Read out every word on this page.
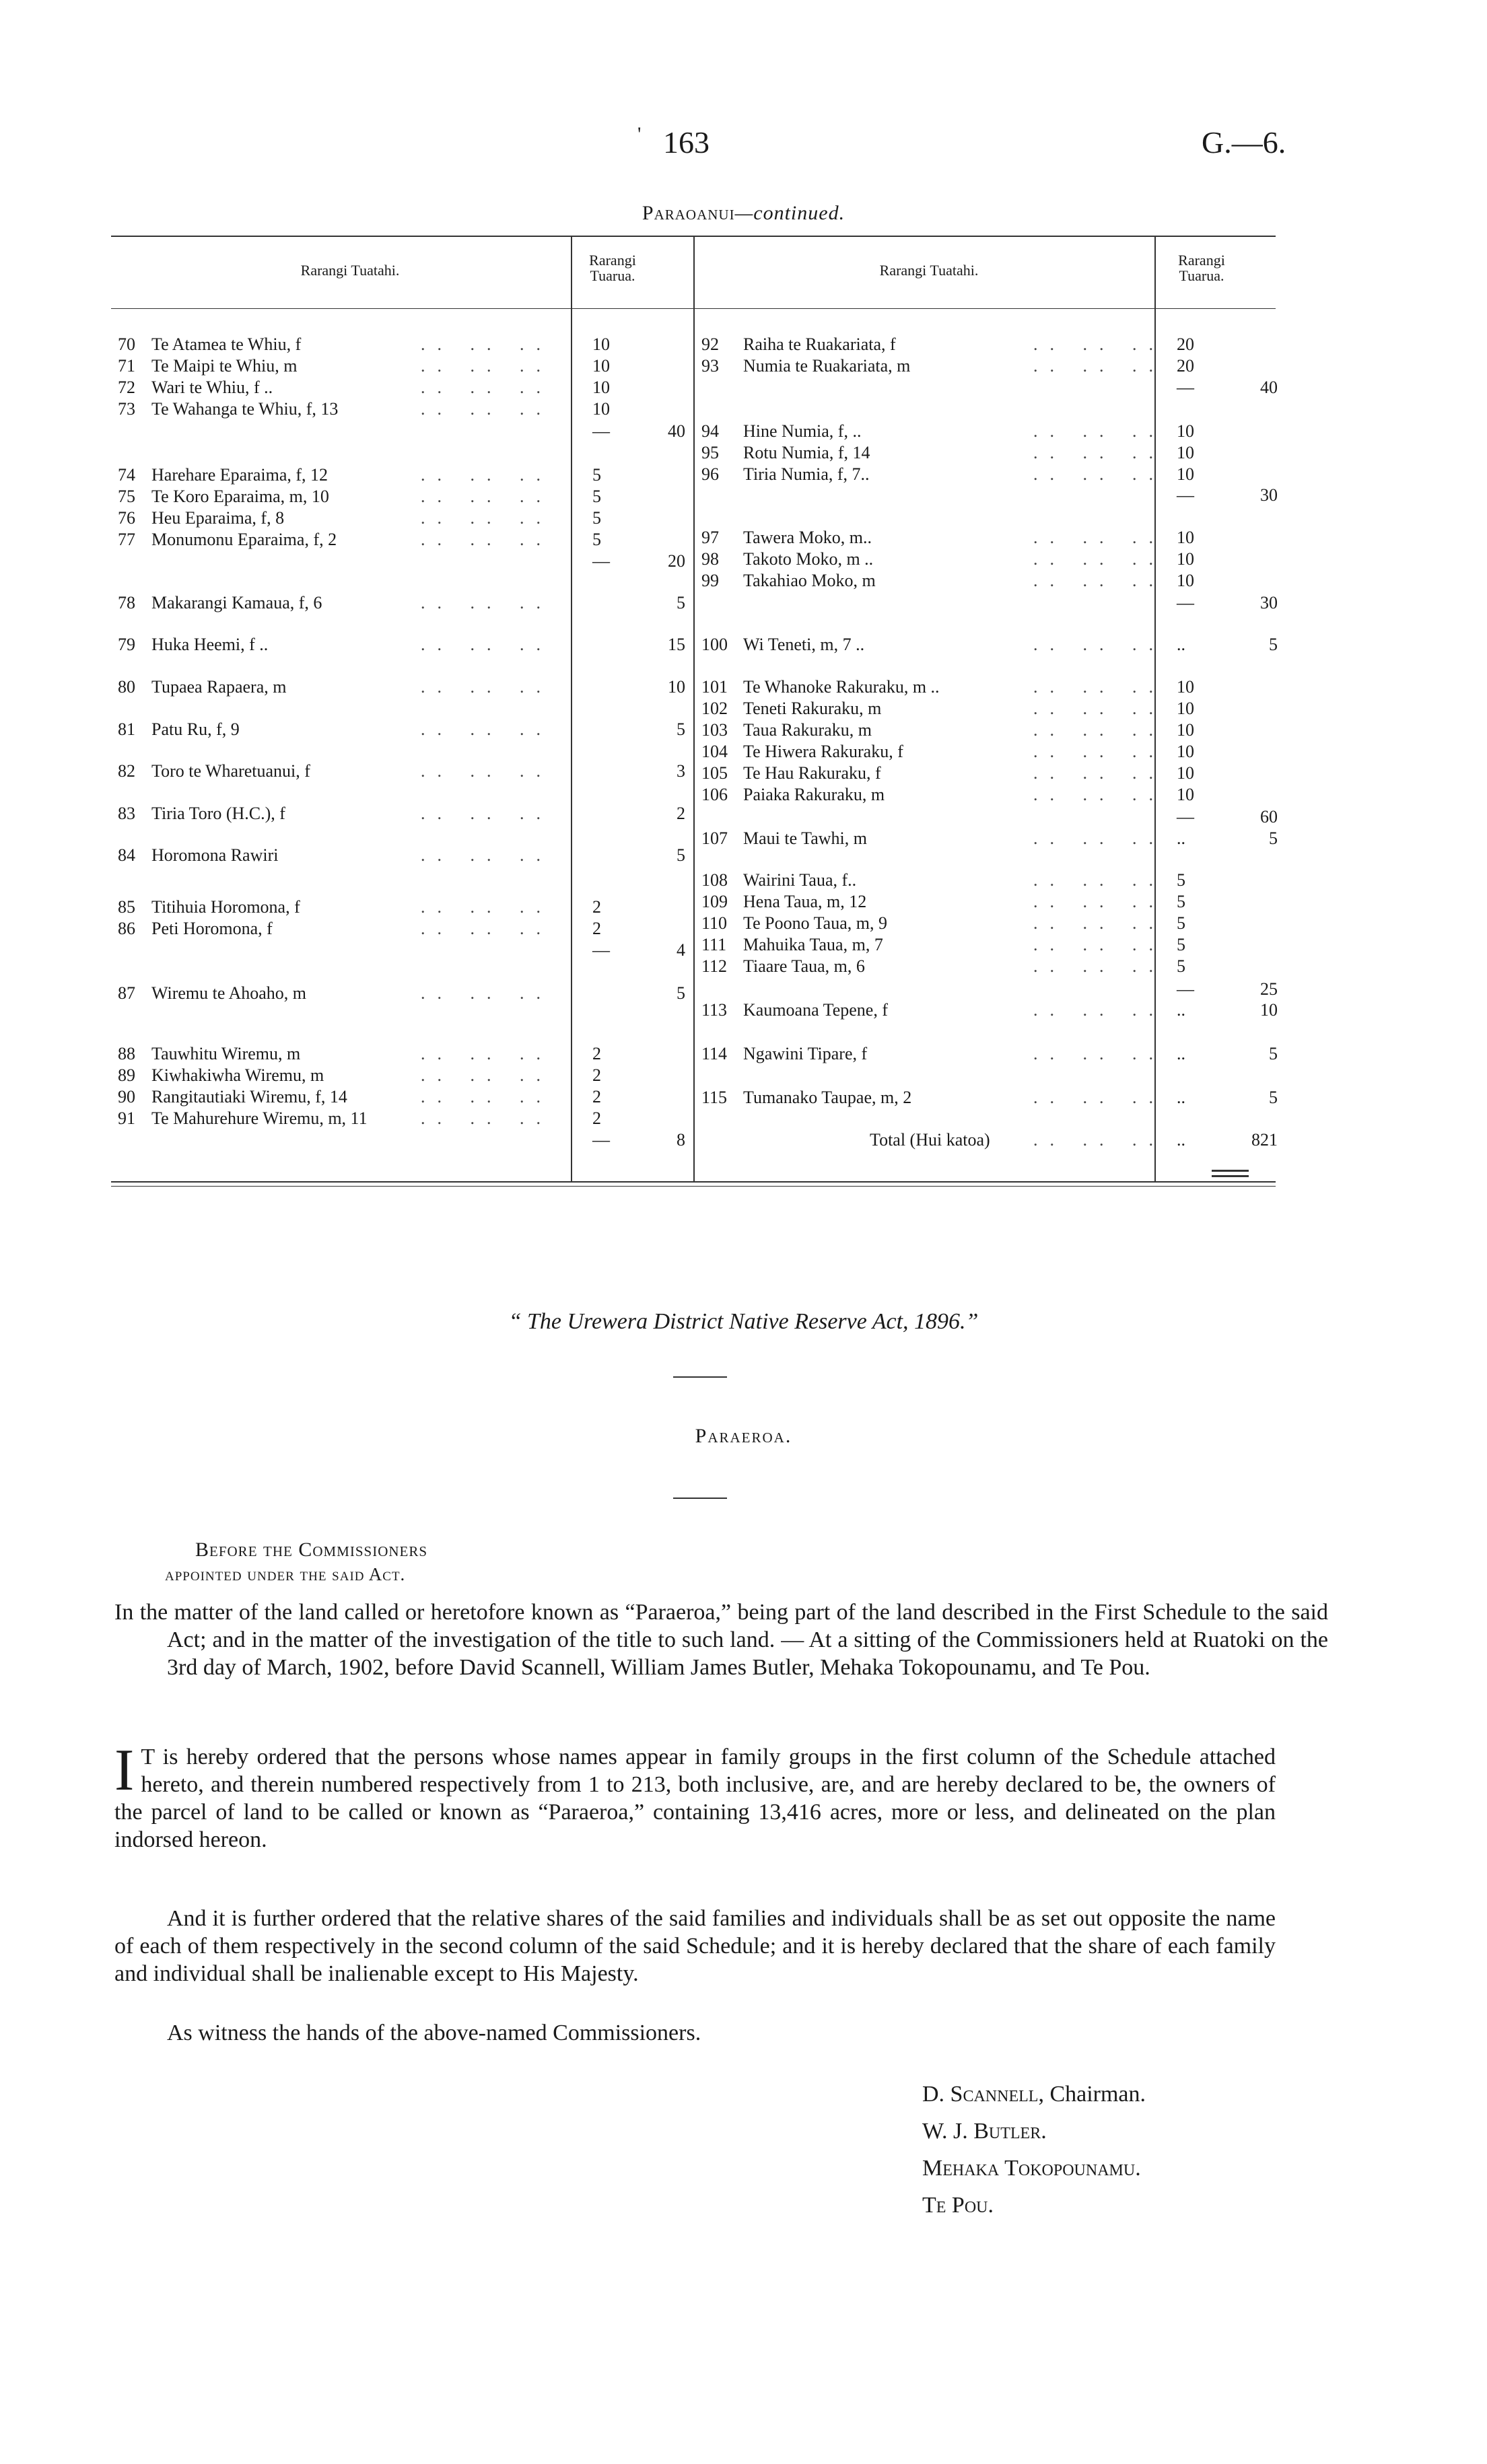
' 163	G.—6.
Paraoanui—continued.
Rarangi Tuatahi.
Rarangi Tuarua.	Rarangi Tuatahi.
Rarangi Tuarua.
70 Te Atamea te Whiu, f	.. .. .. 10
71 Te Maipi te Whiu, m	.. .. .. 10
72 Wari te Whiu, f ..	.. .. .. 10
73 Te Wahanga te Whiu, f, 13	.. .. .. 10
—	40
74 Harehare Eparaima, f, 12	.. .. .. 5
75 Te Koro Eparaima, m, 10	.. .. .. 5
76 Heu Eparaima, f, 8	.. .. .. 5
77 Monumonu Eparaima, f, 2	.. .. .. 5
—	20
78 Makarangi Kamaua, f, 6	.. .. ..	5
79 Huka Heemi, f ..	.. .. ..	15
80 Tupaea Rapaera, m	.. .. ..	10
81 Patu Ru, f, 9	.. .. ..	5
82 Toro te Wharetuanui, f	.. .. ..	3
83 Tiria Toro (H.C.), f	.. .. ..	2
84 Horomona Rawiri	.. .. ..	5
85 Titihuia Horomona, f	.. .. .. 2
86 Peti Horomona, f	.. .. .. 2
—	4
87 Wiremu te Ahoaho, m	.. .. ..	5
88 Tauwhitu Wiremu, m	.. .. .. 2
89 Kiwhakiwha Wiremu, m	.. .. .. 2
90 Rangitautiaki Wiremu, f, 14	.. .. .. 2
91 Te Mahurehure Wiremu, m, 11	.. .. .. 2
—	8
92 Raiha te Ruakariata, f	.. .. .. 20
93 Numia te Ruakariata, m	.. .. .. 20
—	40
94 Hine Numia, f, ..	.. .. .. 10
95 Rotu Numia, f, 14	.. .. .. 10
96 Tiria Numia, f, 7..	.. .. .. 10
—	30
97 Tawera Moko, m..	.. .. .. 10
98 Takoto Moko, m ..	.. .. .. 10
99 Takahiao Moko, m	.. .. .. 10
—	30
100 Wi Teneti, m, 7 ..	.. .. .. ..	5
101 Te Whanoke Rakuraku, m ..	.. .. .. 10
102 Teneti Rakuraku, m	.. .. .. 10
103 Taua Rakuraku, m	.. .. .. 10
104 Te Hiwera Rakuraku, f	.. .. .. 10
105 Te Hau Rakuraku, f	.. .. .. 10
106 Paiaka Rakuraku, m	.. .. .. 10
—	60
107 Maui te Tawhi, m	.. .. .. ..	5
108 Wairini Taua, f..	.. .. .. 5
109 Hena Taua, m, 12	.. .. .. 5
110 Te Poono Taua, m, 9	.. .. .. 5
111 Mahuika Taua, m, 7	.. .. .. 5
112 Tiaare Taua, m, 6	.. .. .. 5
—	25
113 Kaumoana Tepene, f	.. .. .. ..	10
114 Ngawini Tipare, f	.. .. .. ..	5
115 Tumanako Taupae, m, 2	.. .. .. ..	5
Total (Hui katoa) .. .. .. ..	821
“ The Urewera District Native Reserve Act, 1896.”
Paraeroa.
Before the Commissioners
appointed under the said Act.
In the matter of the land called or heretofore known as “Paraeroa,” being part of the land described in the First Schedule to the said Act; and in the matter of the investigation of the title to such land. — At a sitting of the Commissioners held at Ruatoki on the 3rd day of March, 1902, before David Scannell, William James Butler, Mehaka Tokopounamu, and Te Pou.
I T is hereby ordered that the persons whose names appear in family groups in the first column of the Schedule attached hereto, and therein numbered respectively from 1 to 213, both inclusive, are, and are hereby declared to be, the owners of the parcel of land to be called or known as “Paraeroa,” containing 13,416 acres, more or less, and delineated on the plan indorsed hereon.
And it is further ordered that the relative shares of the said families and individuals shall be as set out opposite the name of each of them respectively in the second column of the said Schedule; and it is hereby declared that the share of each family and individual shall be inalienable except to His Majesty.
As witness the hands of the above-named Commissioners.
D. Scannell, Chairman.
W. J. Butler.
Mehaka Tokopounamu.
Te Pou.
